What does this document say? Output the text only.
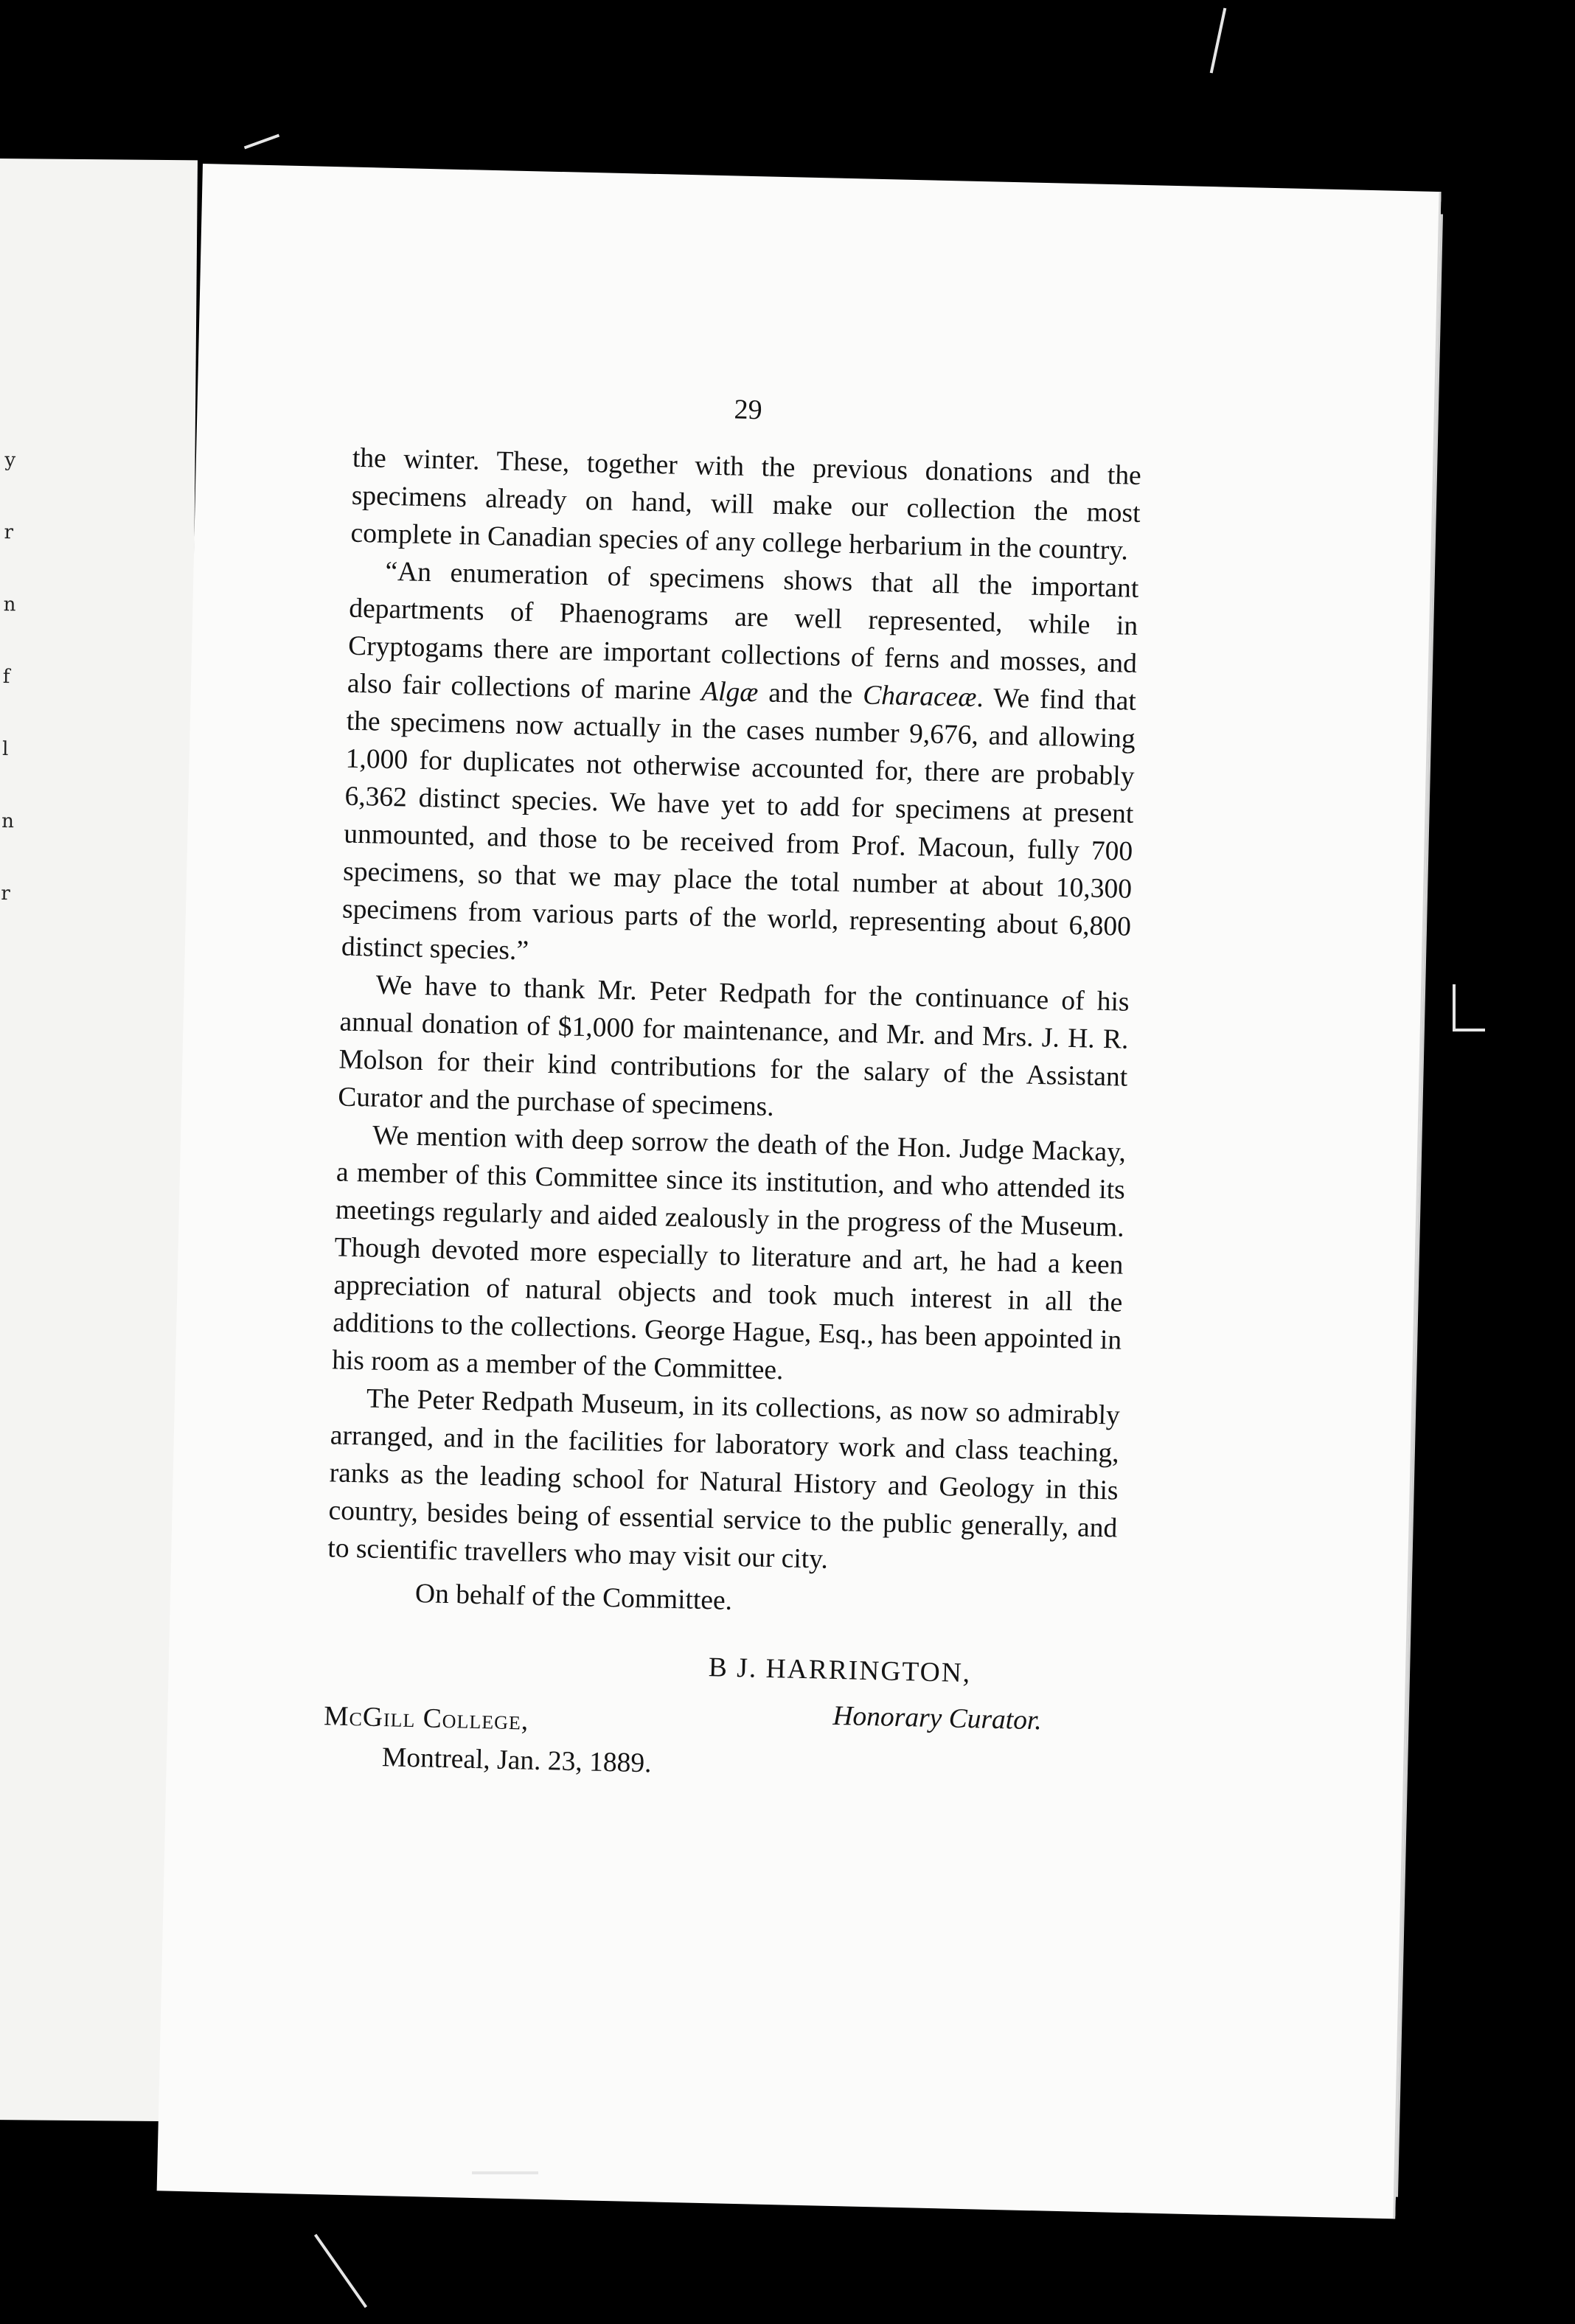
y
r
n
f
l
n
r
29

the winter. These, together with the previous donations and the specimens already on hand, will make our collection the most complete in Canadian species of any college herbarium in the country.

“An enumeration of specimens shows that all the important departments of Phaenograms are well represented, while in Cryptogams there are important collections of ferns and mosses, and also fair collections of marine Algæ and the Characeæ. We find that the specimens now actually in the cases number 9,676, and allowing 1,000 for duplicates not otherwise accounted for, there are probably 6,362 distinct species. We have yet to add for specimens at present unmounted, and those to be received from Prof. Macoun, fully 700 specimens, so that we may place the total number at about 10,300 specimens from various parts of the world, representing about 6,800 distinct species.”

We have to thank Mr. Peter Redpath for the continuance of his annual donation of $1,000 for maintenance, and Mr. and Mrs. J. H. R. Molson for their kind contributions for the salary of the Assistant Curator and the purchase of specimens.

We mention with deep sorrow the death of the Hon. Judge Mackay, a member of this Committee since its institution, and who attended its meetings regularly and aided zealously in the progress of the Museum. Though devoted more especially to literature and art, he had a keen appreciation of natural objects and took much interest in all the additions to the collections. George Hague, Esq., has been appointed in his room as a member of the Committee.

The Peter Redpath Museum, in its collections, as now so admirably arranged, and in the facilities for laboratory work and class teaching, ranks as the leading school for Natural History and Geology in this country, besides being of essential service to the public generally, and to scientific travellers who may visit our city.

On behalf of the Committee.

B J. HARRINGTON,
Honorary Curator.
McGill College,
Montreal, Jan. 23, 1889.
